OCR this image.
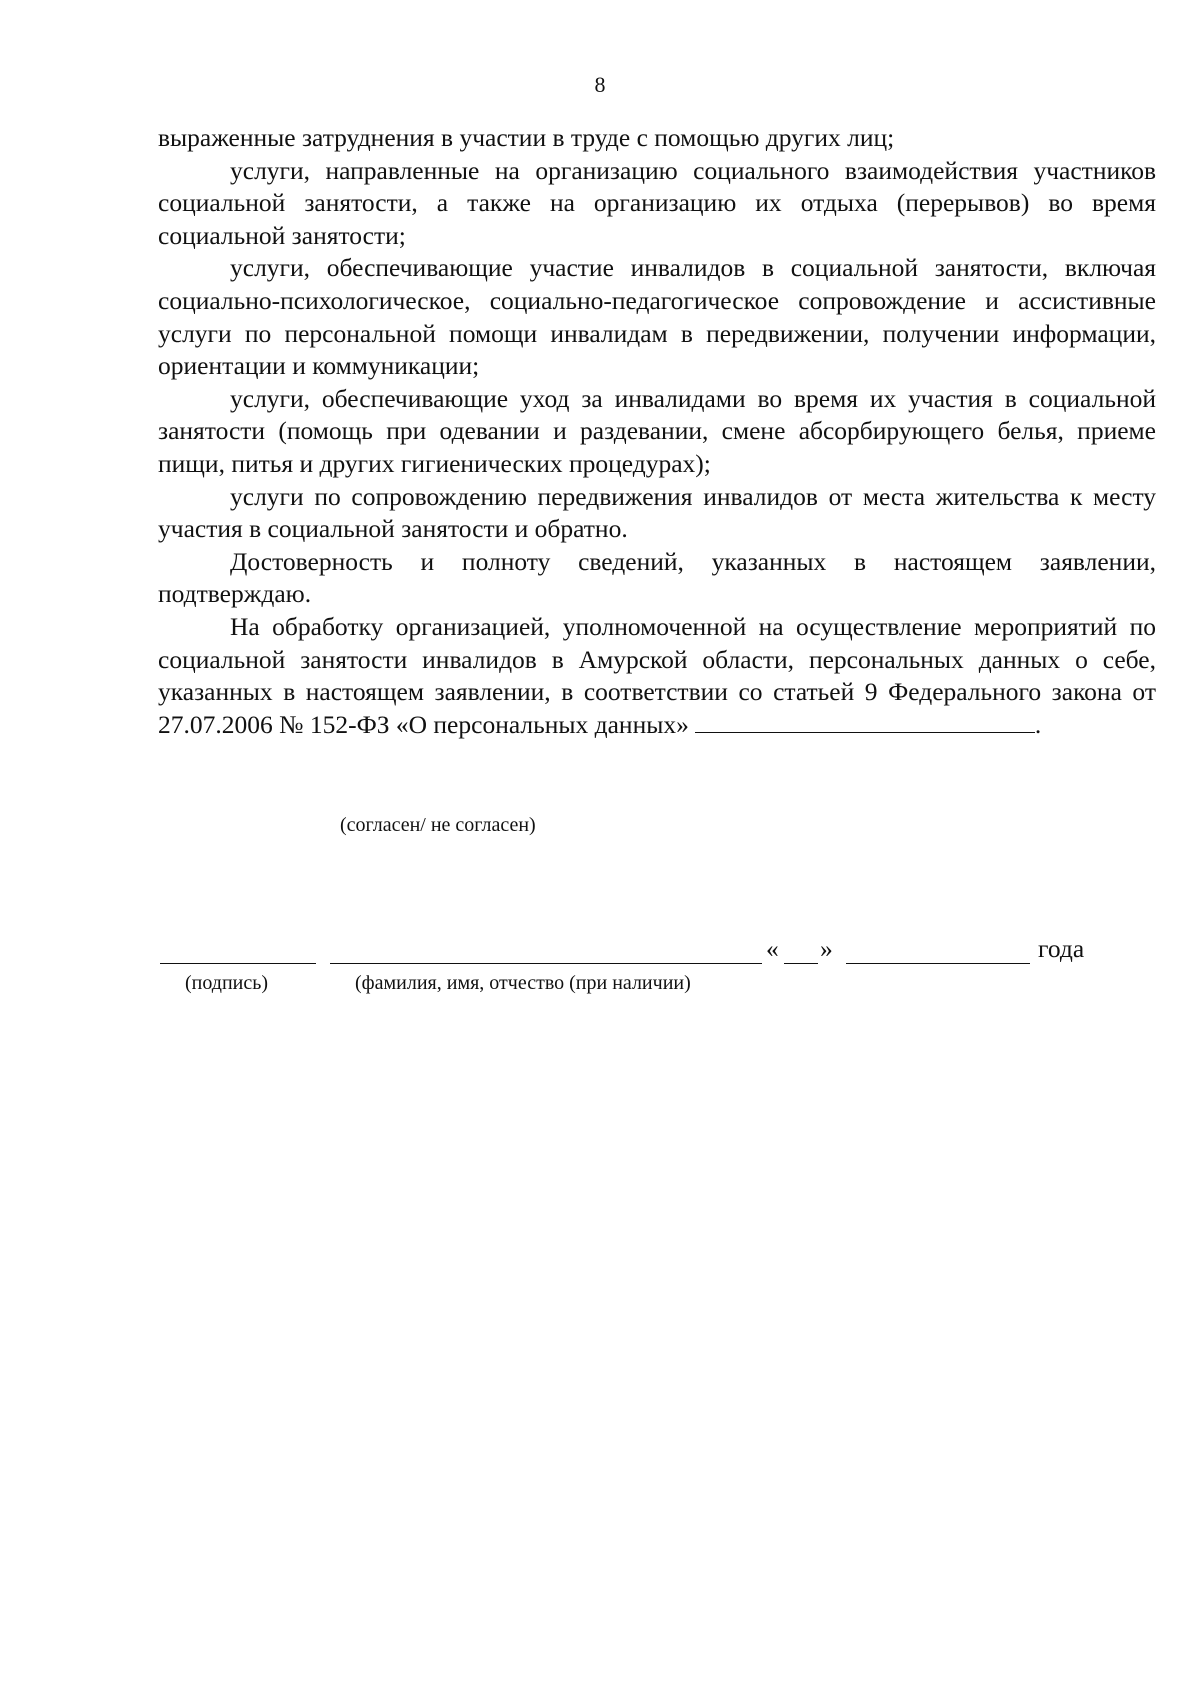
8

выраженные затруднения в участии в труде с помощью других лиц;

услуги, направленные на организацию социального взаимодействия участников социальной занятости, а также на организацию их отдыха (перерывов) во время социальной занятости;

услуги, обеспечивающие участие инвалидов в социальной занятости, включая социально-психологическое, социально-педагогическое сопровождение и ассистивные услуги по персональной помощи инвалидам в передвижении, получении информации, ориентации и коммуникации;

услуги, обеспечивающие уход за инвалидами во время их участия в социальной занятости (помощь при одевании и раздевании, смене абсорбирующего белья, приеме пищи, питья и других гигиенических процедурах);

услуги по сопровождению передвижения инвалидов от места жительства к месту участия в социальной занятости и обратно.

Достоверность и полноту сведений, указанных в настоящем заявлении, подтверждаю.

На обработку организацией, уполномоченной на осуществление мероприятий по социальной занятости инвалидов в Амурской области, персональных данных о себе, указанных в настоящем заявлении, в соответствии со статьей 9 Федерального закона от 27.07.2006 № 152-ФЗ «О персональных данных»	.

(согласен/ не согласен)
« »	года
(подпись)	(фамилия, имя, отчество (при наличии)
